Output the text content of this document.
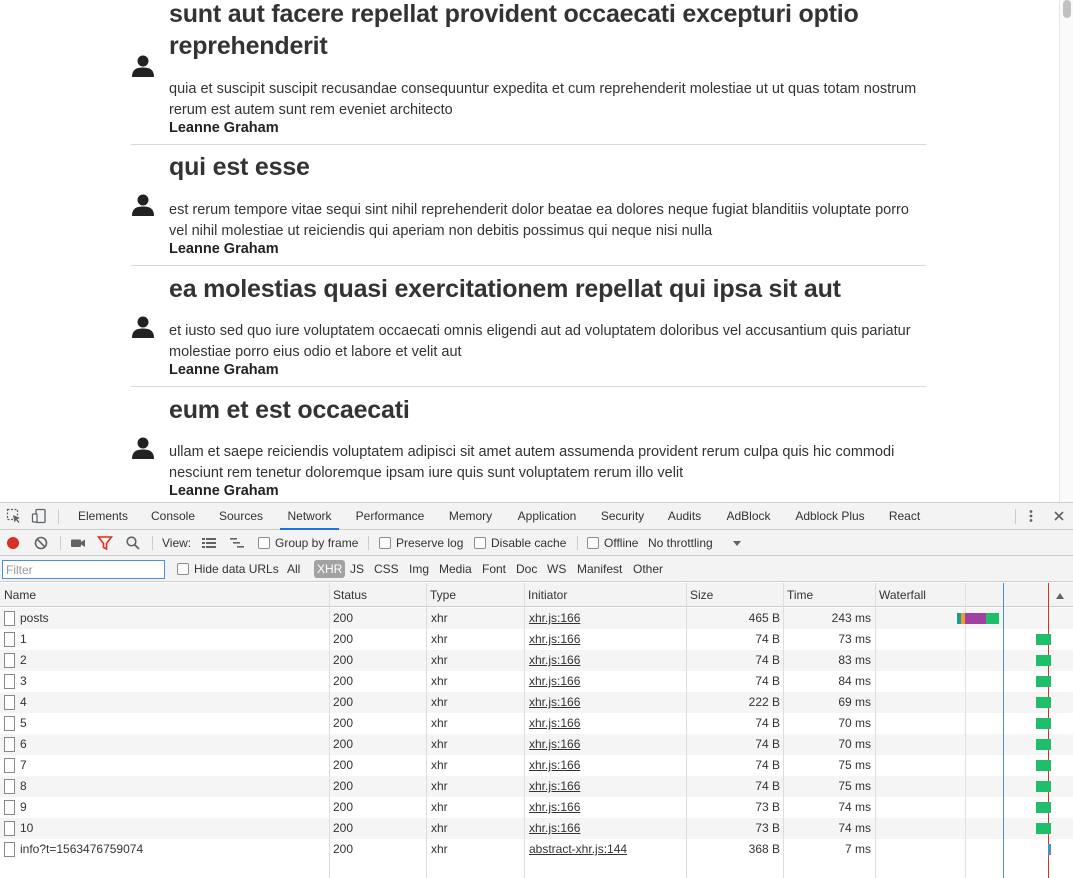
sunt aut facere repellat provident occaecati excepturi optio reprehenderit
quia et suscipit suscipit recusandae consequuntur expedita et cum reprehenderit molestiae ut ut quas totam nostrum rerum est autem sunt rem eveniet architecto
Leanne Graham
qui est esse
est rerum tempore vitae sequi sint nihil reprehenderit dolor beatae ea dolores neque fugiat blanditiis voluptate porro vel nihil molestiae ut reiciendis qui aperiam non debitis possimus qui neque nisi nulla
Leanne Graham
ea molestias quasi exercitationem repellat qui ipsa sit aut
et iusto sed quo iure voluptatem occaecati omnis eligendi aut ad voluptatem doloribus vel accusantium quis pariatur molestiae porro eius odio et labore et velit aut
Leanne Graham
eum et est occaecati
ullam et saepe reiciendis voluptatem adipisci sit amet autem assumenda provident rerum culpa quis hic commodi nesciunt rem tenetur doloremque ipsam iure quis sunt voluptatem rerum illo velit
Leanne Graham
Elements	Console	Sources	Network	Performance	Memory	Application	Security	Audits	AdBlock	Adblock Plus	React
View:	Group by frame	Preserve log Disable cache	Offline No throttling
Filter
Hide data URLs All XHR JS CSS Img Media Font Doc WS Manifest Other
Name	Status	Type	Initiator	Size	Time	Waterfall
posts	200	xhr	xhr.js:166	465 B	243 ms
1	200	xhr	xhr.js:166	74 B	73 ms
2	200	xhr	xhr.js:166	74 B	83 ms
3	200	xhr	xhr.js:166	74 B	84 ms
4	200	xhr	xhr.js:166	222 B	69 ms
5	200	xhr	xhr.js:166	74 B	70 ms
6	200	xhr	xhr.js:166	74 B	70 ms
7	200	xhr	xhr.js:166	74 B	75 ms
8	200	xhr	xhr.js:166	74 B	75 ms
9	200	xhr	xhr.js:166	73 B	74 ms
10	200	xhr	xhr.js:166	73 B	74 ms
info?t=1563476759074	200	xhr	abstract-xhr.js:144	368 B	7 ms
